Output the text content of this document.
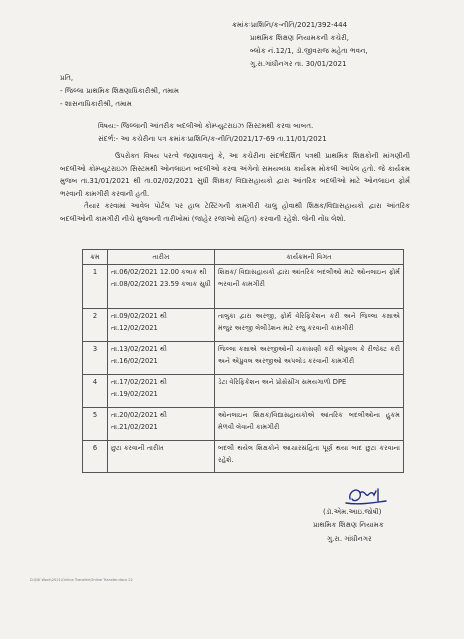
ક્રમાંકઃપ્રાશિનિ/ક-નીતિ/2021/392-444
પ્રાથમિક શિક્ષણ નિયામકની કચેરી,
બ્લોક નં.12/1, ડૉ.જીવરાજ મહેતા ભવન,
ગુ.રા.ગાંધીનગર તા. 30/01/2021
પ્રતિ,
- જિલ્લા પ્રાથમિક શિક્ષણાધિકારીશ્રી, તમામ
- શાસનાધિકારીશ્રી, તમામ
વિષય:- જિલ્લાની આંતરીક બદલીઓ કોમ્પ્યુટરાઇઝ સિસ્ટમથી કરવા બાબત.
સંદર્ભ:- આ કચેરીના પત્ર ક્રમાંકઃપ્રાશિનિ/ક-નીતિ/2021/17-69 તા.11/01/2021

ઉપરોક્ત વિષય પરત્વે જણાવવાનું કે, આ કચેરીના સંદર્ભદર્શિત પત્રથી પ્રાથમિક શિક્ષકોની માંગણીની બદલીઓ કોમ્પ્યુટરાઇઝ સિસ્ટમથી ઓનલાઇન બદલીઓ કરવા અંગેનો સમયબધ્ધ કાર્યક્રમ મોકલી આપેલ હતો. જે કાર્યક્રમ મુજબ તા.31/01/2021 થી તા.02/02/2021 સુધી શિક્ષક/ વિદ્યાસહાયકો દ્વારા આંતરિક બદલીઓ માટે ઓનલાઇન ફોર્મ ભરવાની કામગીરી કરવાની હતી.

તૈયાર કરવામાં આવેલ પોર્ટલ પર હાલ ટેસ્ટિંગની કામગીરી ચાલુ હોવાથી શિક્ષક/વિદ્યાસહાયકો દ્વારા આંતરિક બદલીઓની કામગીરી નીચે મુજબની તારીખોમાં (જાહેર રજાઓ સહિત) કરવાની રહેશે. જેની નોંધ લેશો.

ક્રમ	તારીખ	કાર્યક્રમની વિગત
1	તા.06/02/2021 12.00 કલાક થી તા.08/02/2021 23.59 કલાક સુધી	શિક્ષક/ વિદ્યાસહાયકો દ્વારા આંતરિક બદલીઓ માટે ઓનલાઇન ફોર્મ ભરવાની કામગીરી
2	તા.09/02/2021 થી તા.12/02/2021	તાલુકા દ્વારા અરજી, ફોર્મ વેરિફિકેશન કરી અને જિલ્લા કક્ષાએ મંજુર અરજી લેલીડેશન માટે રજુ કરવાની કામગીરી
3	તા.13/02/2021 થી તા.16/02/2021	જિલ્લા કક્ષાએ અરજીઓની ચકાસણી કરી એપ્રુવલ કે રીજેક્ટ કરી અને એપ્રુવલ અરજીઓ અપલોડ કરવાની કામગીરી
4	તા.17/02/2021 થી તા.19/02/2021	ડેટા વેરિફિકેશન અને પ્રોસેસીંગ સમયગાળો DPE
5	તા.20/02/2021 થી તા.21/02/2021	ઓનલાઇન શિક્ષક/વિદ્યાસહાયકોએ આંતરિક બદલીઓના હુકમ મેળવી લેવાની કામગીરી
6	છુટા કરવાની તારીખ	બદલી થયેલ શિક્ષકોને આચારસંહિતા પૂર્ણ થયા બાદ છુટા કરવાના રહેશે.
(ડૉ.એમ.આઇ.જોષી)
પ્રાથમિક શિક્ષણ નિયામક
ગુ.રા. ગાંધીનગર
D:\DK Work\2021\Online Transfer\Online Transfer.docx 22
